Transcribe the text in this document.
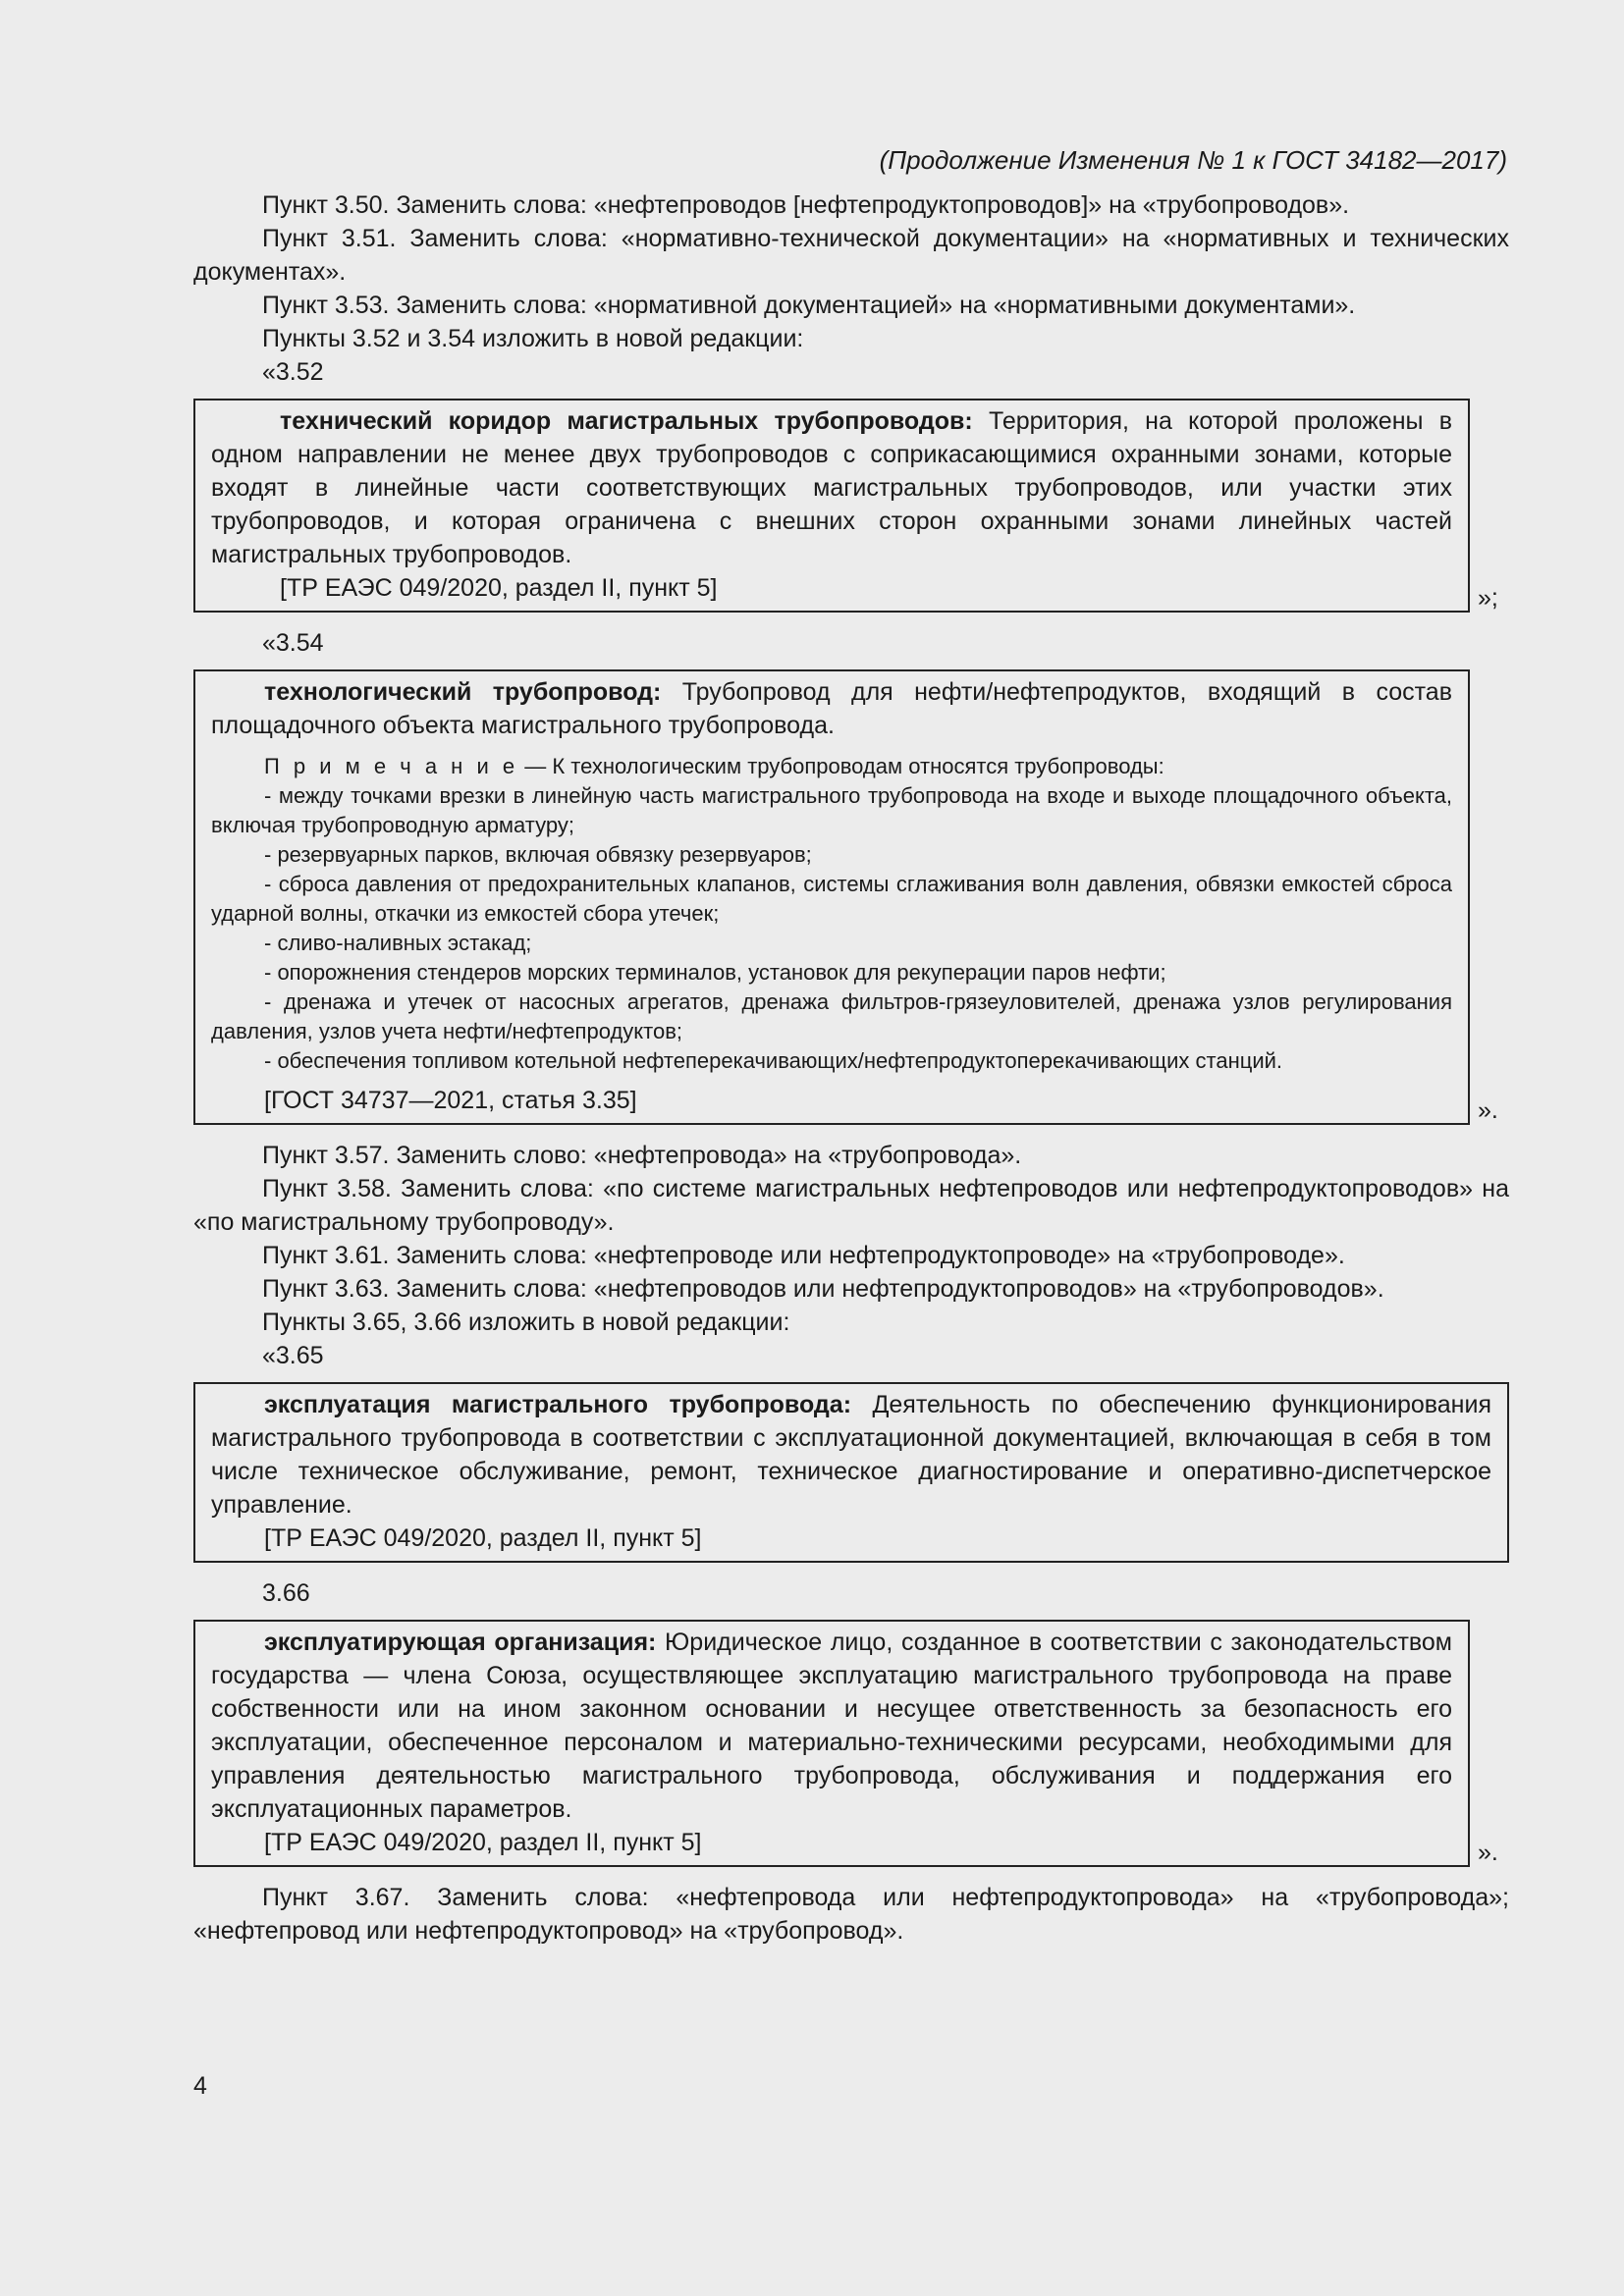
(Продолжение Изменения № 1 к ГОСТ 34182—2017)

Пункт 3.50. Заменить слова: «нефтепроводов [нефтепродуктопроводов]» на «трубопроводов».

Пункт 3.51. Заменить слова: «нормативно-технической документации» на «нормативных и технических документах».

Пункт 3.53. Заменить слова: «нормативной документацией» на «нормативными документами».

Пункты 3.52 и 3.54 изложить в новой редакции:

«3.52

технический коридор магистральных трубопроводов: Территория, на которой проложены в одном направлении не менее двух трубопроводов с соприкасающимися охранными зонами, которые входят в линейные части соответствующих магистральных трубопроводов, или участки этих трубопроводов, и которая ограничена с внешних сторон охранными зонами линейных частей магистральных трубопроводов.

[ТР ЕАЭС 049/2020, раздел II, пункт 5]	»;
«3.54

технологический трубопровод: Трубопровод для нефти/нефтепродуктов, входящий в состав площадочного объекта магистрального трубопровода.

П р и м е ч а н и е — К технологическим трубопроводам относятся трубопроводы:

- между точками врезки в линейную часть магистрального трубопровода на входе и выходе площадочного объекта, включая трубопроводную арматуру;

- резервуарных парков, включая обвязку резервуаров;

- сброса давления от предохранительных клапанов, системы сглаживания волн давления, обвязки емкостей сброса ударной волны, откачки из емкостей сбора утечек;

- сливо-наливных эстакад;

- опорожнения стендеров морских терминалов, установок для рекуперации паров нефти;

- дренажа и утечек от насосных агрегатов, дренажа фильтров-грязеуловителей, дренажа узлов регулирования давления, узлов учета нефти/нефтепродуктов;

- обеспечения топливом котельной нефтеперекачивающих/нефтепродуктоперекачивающих станций.

[ГОСТ 34737—2021, статья 3.35]	».

Пункт 3.57. Заменить слово: «нефтепровода» на «трубопровода».

Пункт 3.58. Заменить слова: «по системе магистральных нефтепроводов или нефтепродуктопроводов» на «по магистральному трубопроводу».

Пункт 3.61. Заменить слова: «нефтепроводе или нефтепродуктопроводе» на «трубопроводе».

Пункт 3.63. Заменить слова: «нефтепроводов или нефтепродуктопроводов» на «трубопроводов».

Пункты 3.65, 3.66 изложить в новой редакции:

«3.65

эксплуатация магистрального трубопровода: Деятельность по обеспечению функционирования магистрального трубопровода в соответствии с эксплуатационной документацией, включающая в себя в том числе техническое обслуживание, ремонт, техническое диагностирование и оперативно-диспетчерское управление.

[ТР ЕАЭС 049/2020, раздел II, пункт 5]
3.66

эксплуатирующая организация: Юридическое лицо, созданное в соответствии с законодательством государства — члена Союза, осуществляющее эксплуатацию магистрального трубопровода на праве собственности или на ином законном основании и несущее ответственность за безопасность его эксплуатации, обеспеченное персоналом и материально-техническими ресурсами, необходимыми для управления деятельностью магистрального трубопровода, обслуживания и поддержания его эксплуатационных параметров.

[ТР ЕАЭС 049/2020, раздел II, пункт 5]	».

Пункт 3.67. Заменить слова: «нефтепровода или нефтепродуктопровода» на «трубопровода»; «нефтепровод или нефтепродуктопровод» на «трубопровод».

4
